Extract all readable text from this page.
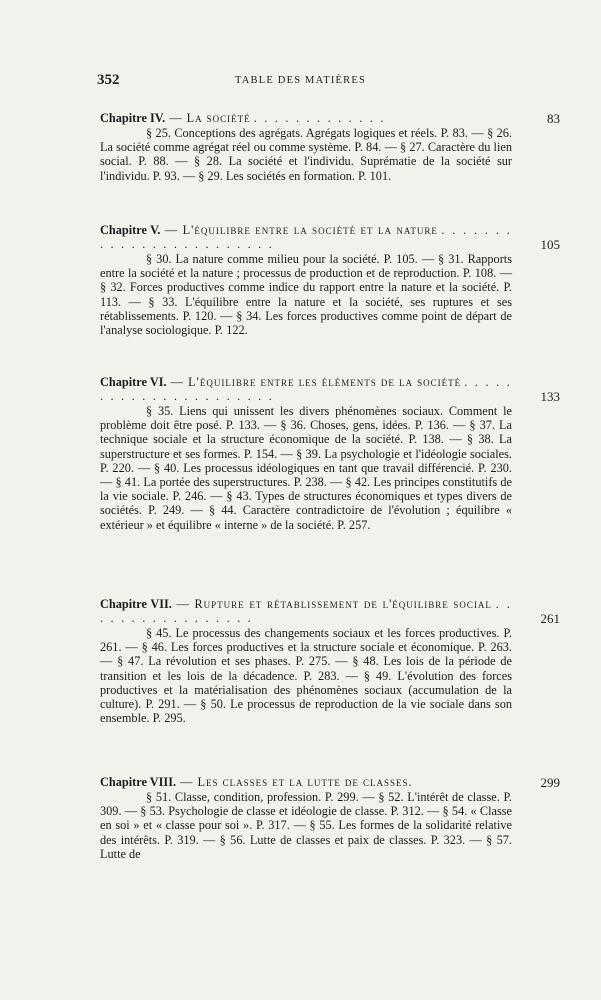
352	TABLE DES MATIÈRES
Chapitre IV. — La société . . . . . . . . . . . . .	83
§ 25. Conceptions des agrégats. Agrégats logiques et réels. P. 83. — § 26. La société comme agrégat réel ou comme système. P. 84. — § 27. Caractère du lien social. P. 88. — § 28. La société et l'individu. Suprématie de la société sur l'individu. P. 93. — § 29. Les sociétés en formation. P. 101.
Chapitre V. — L'équilibre entre la société et la nature . . . . . . . . . . . . . . . . . . . . . . . .	105
§ 30. La nature comme milieu pour la société. P. 105. — § 31. Rapports entre la société et la nature ; processus de production et de reproduction. P. 108. — § 32. Forces productives comme indice du rapport entre la nature et la société. P. 113. — § 33. L'équilibre entre la nature et la société, ses ruptures et ses rétablissements. P. 120. — § 34. Les forces productives comme point de départ de l'analyse sociologique. P. 122.
Chapitre VI. — L'équilibre entre les éléments de la société . . . . . . . . . . . . . . . . . . . . . .	133
§ 35. Liens qui unissent les divers phénomènes sociaux. Comment le problème doit être posé. P. 133. — § 36. Choses, gens, idées. P. 136. — § 37. La technique sociale et la structure économique de la société. P. 138. — § 38. La superstructure et ses formes. P. 154. — § 39. La psychologie et l'idéologie sociales. P. 220. — § 40. Les processus idéologiques en tant que travail différencié. P. 230. — § 41. La portée des superstructures. P. 238. — § 42. Les principes constitutifs de la vie sociale. P. 246. — § 43. Types de structures économiques et types divers de sociétés. P. 249. — § 44. Caractère contradictoire de l'évolution ; équilibre « extérieur » et équilibre « interne » de la société. P. 257.
Chapitre VII. — Rupture et rétablissement de l'équilibre social . . . . . . . . . . . . . . . . .	261
§ 45. Le processus des changements sociaux et les forces productives. P. 261. — § 46. Les forces productives et la structure sociale et économique. P. 263. — § 47. La révolution et ses phases. P. 275. — § 48. Les lois de la période de transition et les lois de la décadence. P. 283. — § 49. L'évolution des forces productives et la matérialisation des phénomènes sociaux (accumulation de la culture). P. 291. — § 50. Le processus de reproduction de la vie sociale dans son ensemble. P. 295.
Chapitre VIII. — Les classes et la lutte de classes.	299
§ 51. Classe, condition, profession. P. 299. — § 52. L'intérêt de classe. P. 309. — § 53. Psychologie de classe et idéologie de classe. P. 312. — § 54. « Classe en soi » et « classe pour soi ». P. 317. — § 55. Les formes de la solidarité relative des intérêts. P. 319. — § 56. Lutte de classes et paix de classes. P. 323. — § 57. Lutte de
